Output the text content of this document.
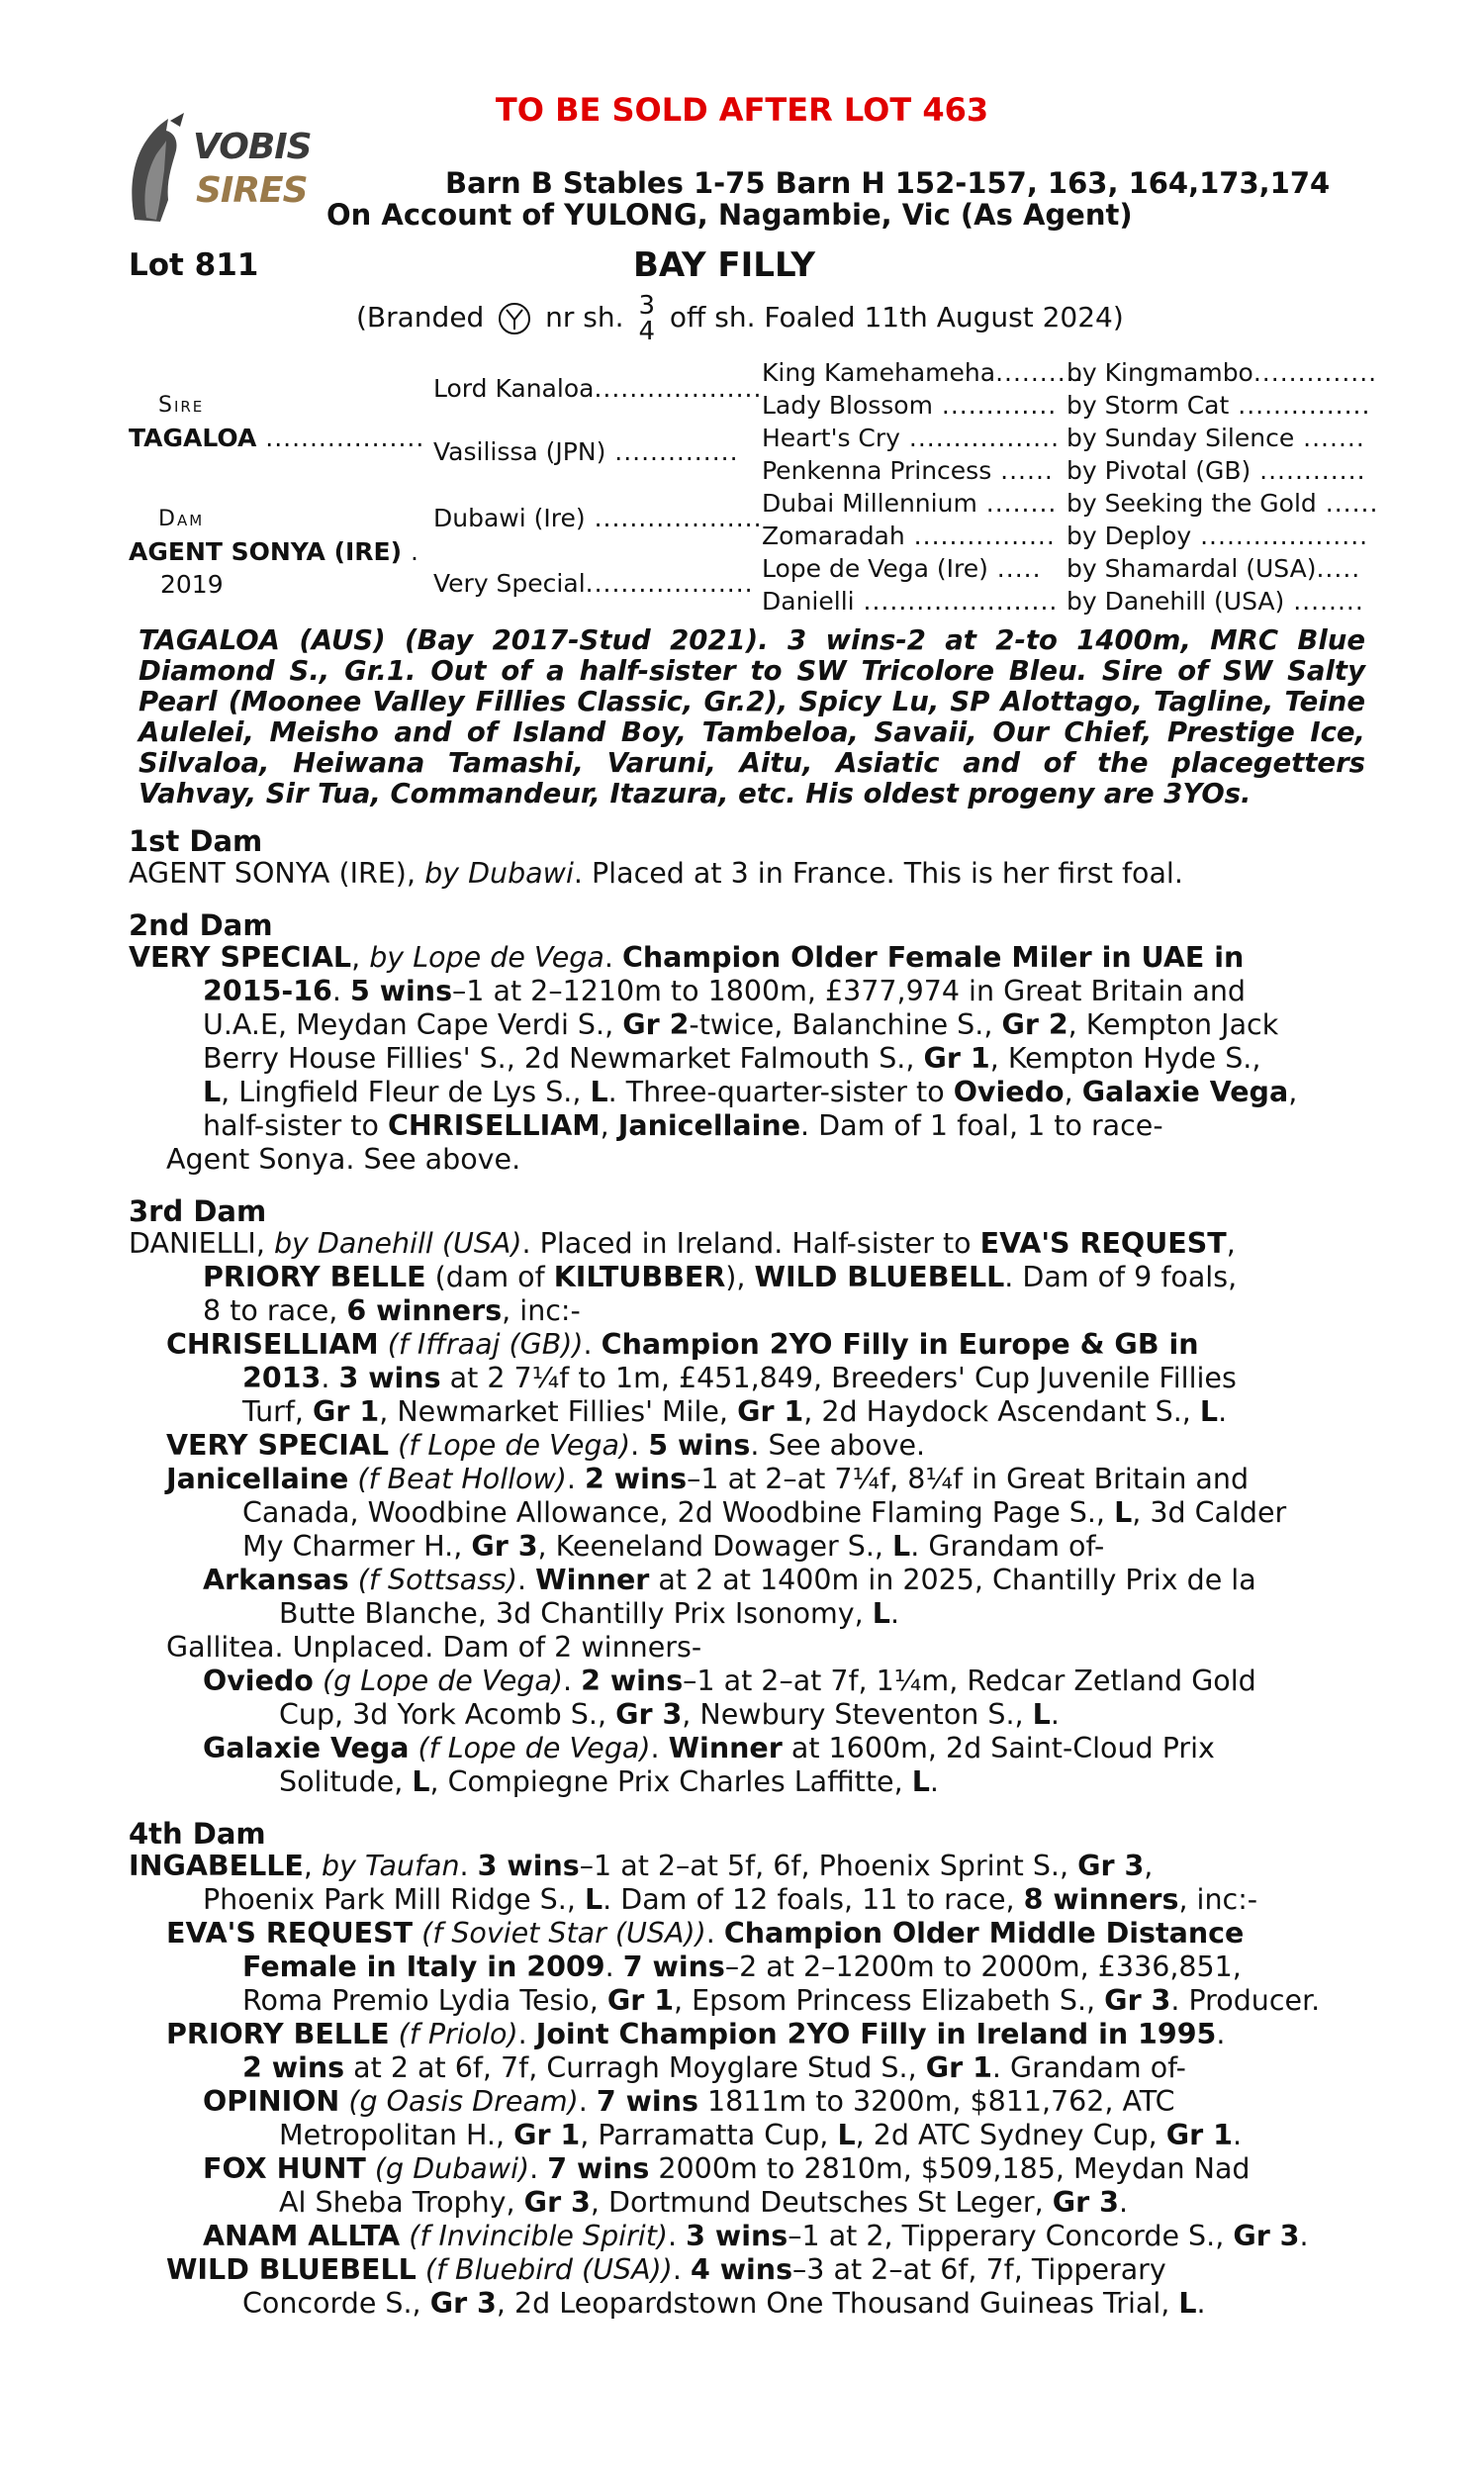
TO BE SOLD AFTER LOT 463
VOBIS
SIRES	Barn B Stables 1-75 Barn H 152-157, 163, 164,173,174
On Account of YULONG, Nagambie, Vic (As Agent)
Lot 811	BAY FILLY
(Branded nr sh. 3
4 off sh. Foaled 11th August 2024)
Sire
TAGALOA ..................
Dam
AGENT SONYA (IRE) .
2019
Lord Kanaloa...................
Vasilissa (JPN) ..............
Dubawi (Ire) ...................
Very Special...................
King Kamehameha..........
by Kingmambo..............
Lady Blossom ............. by Storm Cat ...............
Heart's Cry ................. by Sunday Silence .......
Penkenna Princess ...... by Pivotal (GB) ............
Dubai Millennium ........ by Seeking the Gold ......
Zomaradah ................ by Deploy ...................
Lope de Vega (Ire) ..... by Shamardal (USA).....
Danielli ...................... by Danehill (USA) ........
TAGALOA (AUS) (Bay 2017-Stud 2021). 3 wins-2 at 2-to 1400m, MRC Blue Diamond S., Gr.1. Out of a half-sister to SW Tricolore Bleu. Sire of SW Salty Pearl (Moonee Valley Fillies Classic, Gr.2), Spicy Lu, SP Alottago, Tagline, Teine Aulelei, Meisho and of Island Boy, Tambeloa, Savaii, Our Chief, Prestige Ice, Silvaloa, Heiwana Tamashi, Varuni, Aitu, Asiatic and of the placegetters Vahvay, Sir Tua, Commandeur, Itazura, etc. His oldest progeny are 3YOs.
1st Dam
AGENT SONYA (IRE), by Dubawi. Placed at 3 in France. This is her first foal.
2nd Dam
VERY SPECIAL, by Lope de Vega. Champion Older Female Miler in UAE in
2015-16. 5 wins–1 at 2–1210m to 1800m, £377,974 in Great Britain and
U.A.E, Meydan Cape Verdi S., Gr 2-twice, Balanchine S., Gr 2, Kempton Jack
Berry House Fillies' S., 2d Newmarket Falmouth S., Gr 1, Kempton Hyde S.,
L, Lingfield Fleur de Lys S., L. Three-quarter-sister to Oviedo, Galaxie Vega,
half-sister to CHRISELLIAM, Janicellaine. Dam of 1 foal, 1 to race-
Agent Sonya. See above.
3rd Dam
DANIELLI, by Danehill (USA). Placed in Ireland. Half-sister to EVA'S REQUEST,
PRIORY BELLE (dam of KILTUBBER), WILD BLUEBELL. Dam of 9 foals,
8 to race, 6 winners, inc:-
CHRISELLIAM (f Iffraaj (GB)). Champion 2YO Filly in Europe & GB in
2013. 3 wins at 2 7¼f to 1m, £451,849, Breeders' Cup Juvenile Fillies
Turf, Gr 1, Newmarket Fillies' Mile, Gr 1, 2d Haydock Ascendant S., L.
VERY SPECIAL (f Lope de Vega). 5 wins. See above.
Janicellaine (f Beat Hollow). 2 wins–1 at 2–at 7¼f, 8¼f in Great Britain and
Canada, Woodbine Allowance, 2d Woodbine Flaming Page S., L, 3d Calder
My Charmer H., Gr 3, Keeneland Dowager S., L. Grandam of-
Arkansas (f Sottsass). Winner at 2 at 1400m in 2025, Chantilly Prix de la
Butte Blanche, 3d Chantilly Prix Isonomy, L.
Gallitea. Unplaced. Dam of 2 winners-
Oviedo (g Lope de Vega). 2 wins–1 at 2–at 7f, 1¼m, Redcar Zetland Gold
Cup, 3d York Acomb S., Gr 3, Newbury Steventon S., L.
Galaxie Vega (f Lope de Vega). Winner at 1600m, 2d Saint-Cloud Prix
Solitude, L, Compiegne Prix Charles Laffitte, L.
4th Dam
INGABELLE, by Taufan. 3 wins–1 at 2–at 5f, 6f, Phoenix Sprint S., Gr 3,
Phoenix Park Mill Ridge S., L. Dam of 12 foals, 11 to race, 8 winners, inc:-
EVA'S REQUEST (f Soviet Star (USA)). Champion Older Middle Distance
Female in Italy in 2009. 7 wins–2 at 2–1200m to 2000m, £336,851,
Roma Premio Lydia Tesio, Gr 1, Epsom Princess Elizabeth S., Gr 3. Producer.
PRIORY BELLE (f Priolo). Joint Champion 2YO Filly in Ireland in 1995.
2 wins at 2 at 6f, 7f, Curragh Moyglare Stud S., Gr 1. Grandam of-
OPINION (g Oasis Dream). 7 wins 1811m to 3200m, $811,762, ATC
Metropolitan H., Gr 1, Parramatta Cup, L, 2d ATC Sydney Cup, Gr 1.
FOX HUNT (g Dubawi). 7 wins 2000m to 2810m, $509,185, Meydan Nad
Al Sheba Trophy, Gr 3, Dortmund Deutsches St Leger, Gr 3.
ANAM ALLTA (f Invincible Spirit). 3 wins–1 at 2, Tipperary Concorde S., Gr 3.
WILD BLUEBELL (f Bluebird (USA)). 4 wins–3 at 2–at 6f, 7f, Tipperary
Concorde S., Gr 3, 2d Leopardstown One Thousand Guineas Trial, L.
